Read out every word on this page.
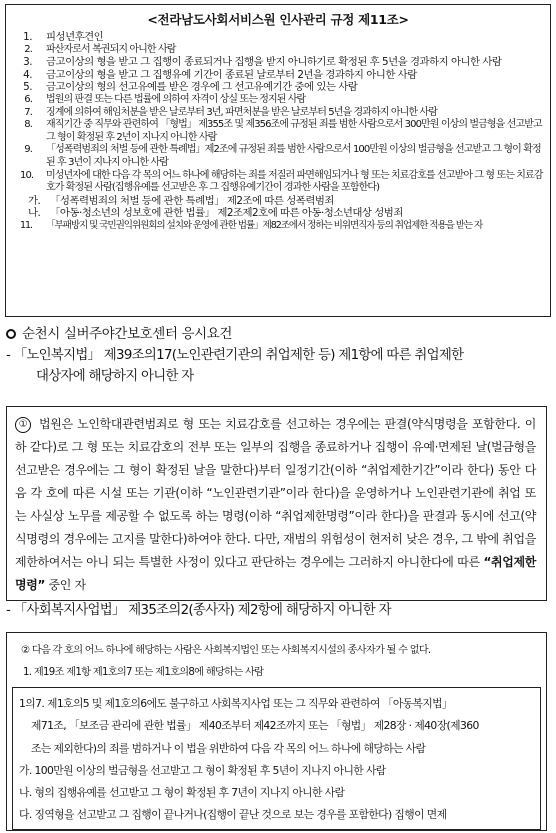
<전라남도사회서비스원 인사관리 규정 제11조>
1. 피성년후견인
2. 파산자로서 복권되지 아니한 사람
3. 금고이상의 형을 받고 그 집행이 종료되거나 집행을 받지 아니하기로 확정된 후 5년을 경과하지 아니한 사람
4. 금고이상의 형을 받고 그 집행유예 기간이 종료된 날로부터 2년을 경과하지 아니한 사람
5. 금고이상의 형의 선고유예를 받은 경우에 그 선고유예기간 중에 있는 사람
6. 법원의 판결 또는 다른 법률에 의하여 자격이 상실 또는 정지된 사람
7. 징계에 의하여 해임처분을 받은 날로부터 3년, 파면처분을 받은 날로부터 5년을 경과하지 아니한 사람
8. 재직기간 중 직무와 관련하여 「형법」 제355조 및 제356조에 규정된 죄를 범한 사람으로서 300만원 이상의 벌금형을 선고받고 그 형이 확정된 후 2년이 지나지 아니한 사람
9. 「성폭력범죄의 처벌 등에 관한 특례법」제2조에 규정된 죄를 범한 사람으로서 100만원 이상의 벌금형을 선고받고 그 형이 확정된 후 3년이 지나지 아니한 사람
10. 미성년자에 대한 다음 각 목의 어느 하나에 해당하는 죄를 저질러 파면해임되거나 형 또는 치료감호를 선고받아 그 형 또는 치료감호가 확정된 사람(집행유예를 선고받은 후 그 집행유예기간이 경과한 사람을 포함한다)
가. 「성폭력범죄의 처벌 등에 관한 특례법」 제2조에 따른 성폭력범죄
나. 「아동·청소년의 성보호에 관한 법률」 제2조제2호에 따른 아동·청소년대상 성범죄
11. 「부패방지 및 국민권익위원회의 설치와 운영에 관한 법률」제82조에서 정하는 비위면직자 등의 취업제한 적용을 받는 자
순천시 실버주야간보호센터 응시요건
- 「노인복지법」 제39조의17(노인관련기관의 취업제한 등) 제1항에 따른 취업제한
대상자에 해당하지 아니한 자

① 법원은 노인학대관련범죄로 형 또는 치료감호를 선고하는 경우에는 판결(약식명령을 포함한다. 이하 같다)로 그 형 또는 치료감호의 전부 또는 일부의 집행을 종료하거나 집행이 유예·면제된 날(벌금형을 선고받은 경우에는 그 형이 확정된 날을 말한다)부터 일정기간(이하 “취업제한기간”이라 한다) 동안 다음 각 호에 따른 시설 또는 기관(이하 “노인관련기관”이라 한다)을 운영하거나 노인관련기관에 취업 또는 사실상 노무를 제공할 수 없도록 하는 명령(이하 “취업제한명령”이라 한다)을 판결과 동시에 선고(약식명령의 경우에는 고지를 말한다)하여야 한다. 다만, 재범의 위험성이 현저히 낮은 경우, 그 밖에 취업을 제한하여서는 아니 되는 특별한 사정이 있다고 판단하는 경우에는 그러하지 아니한다에 따른 “취업제한명령” 중인 자

- 「사회복지사업법」 제35조의2(종사자) 제2항에 해당하지 아니한 자
② 다음 각 호의 어느 하나에 해당하는 사람은 사회복지법인 또는 사회복지시설의 종사자가 될 수 없다.
1. 제19조 제1항 제1호의7 또는 제1호의8에 해당하는 사람
1의7. 제1호의5 및 제1호의6에도 불구하고 사회복지사업 또는 그 직무와 관련하여 「아동복지법」
제71조, 「보조금 관리에 관한 법률」 제40조부터 제42조까지 또는 「형법」 제28장 · 제40장(제360
조는 제외한다)의 죄를 범하거나 이 법을 위반하여 다음 각 목의 어느 하나에 해당하는 사람
가. 100만원 이상의 벌금형을 선고받고 그 형이 확정된 후 5년이 지나지 아니한 사람
나. 형의 집행유예를 선고받고 그 형이 확정된 후 7년이 지나지 아니한 사람
다. 징역형을 선고받고 그 집행이 끝나거나(집행이 끝난 것으로 보는 경우를 포함한다) 집행이 면제
